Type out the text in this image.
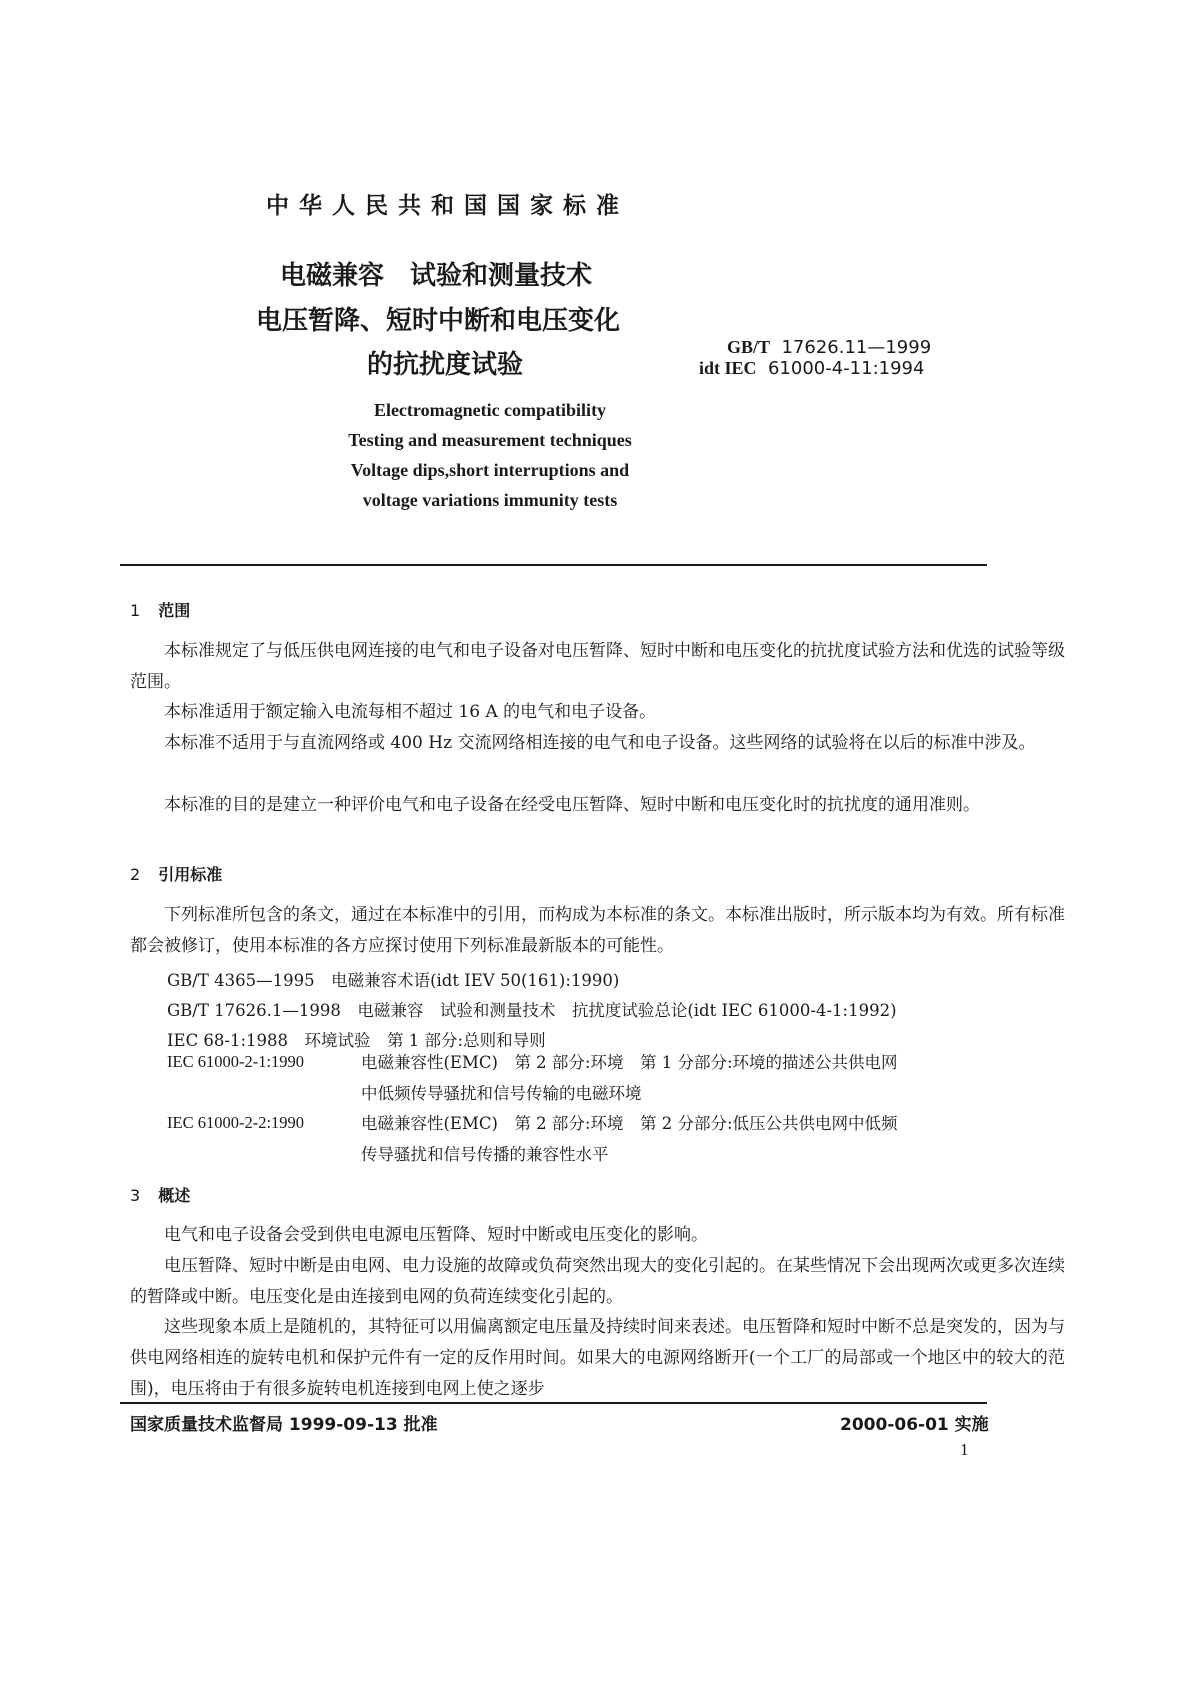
中华人民共和国国家标准
电磁兼容　试验和测量技术
电压暂降、短时中断和电压变化
的抗扰度试验
GB/T 17626.11—1999
idt IEC 61000-4-11:1994
Electromagnetic compatibility
Testing and measurement techniques
Voltage dips,short interruptions and
voltage variations immunity tests
1 范围
本标准规定了与低压供电网连接的电气和电子设备对电压暂降、短时中断和电压变化的抗扰度试验方法和优选的试验等级范围。
本标准适用于额定输入电流每相不超过 16 A 的电气和电子设备。
本标准不适用于与直流网络或 400 Hz 交流网络相连接的电气和电子设备。这些网络的试验将在以后的标准中涉及。
本标准的目的是建立一种评价电气和电子设备在经受电压暂降、短时中断和电压变化时的抗扰度的通用准则。
2 引用标准
下列标准所包含的条文，通过在本标准中的引用，而构成为本标准的条文。本标准出版时，所示版本均为有效。所有标准都会被修订，使用本标准的各方应探讨使用下列标准最新版本的可能性。
GB/T 4365—1995　电磁兼容术语(idt IEV 50(161):1990)
GB/T 17626.1—1998　电磁兼容　试验和测量技术　抗扰度试验总论(idt IEC 61000-4-1:1992)
IEC 68-1:1988　环境试验　第 1 部分:总则和导则
IEC 61000-2-1:1990	电磁兼容性(EMC)　第 2 部分:环境　第 1 分部分:环境的描述公共供电网
中低频传导骚扰和信号传输的电磁环境
IEC 61000-2-2:1990	电磁兼容性(EMC)　第 2 部分:环境　第 2 分部分:低压公共供电网中低频
传导骚扰和信号传播的兼容性水平
3 概述
电气和电子设备会受到供电电源电压暂降、短时中断或电压变化的影响。
电压暂降、短时中断是由电网、电力设施的故障或负荷突然出现大的变化引起的。在某些情况下会出现两次或更多次连续的暂降或中断。电压变化是由连接到电网的负荷连续变化引起的。
这些现象本质上是随机的，其特征可以用偏离额定电压量及持续时间来表述。电压暂降和短时中断不总是突发的，因为与供电网络相连的旋转电机和保护元件有一定的反作用时间。如果大的电源网络断开(一个工厂的局部或一个地区中的较大的范围)，电压将由于有很多旋转电机连接到电网上使之逐步
国家质量技术监督局 1999-09-13 批准	2000-06-01 实施
1
